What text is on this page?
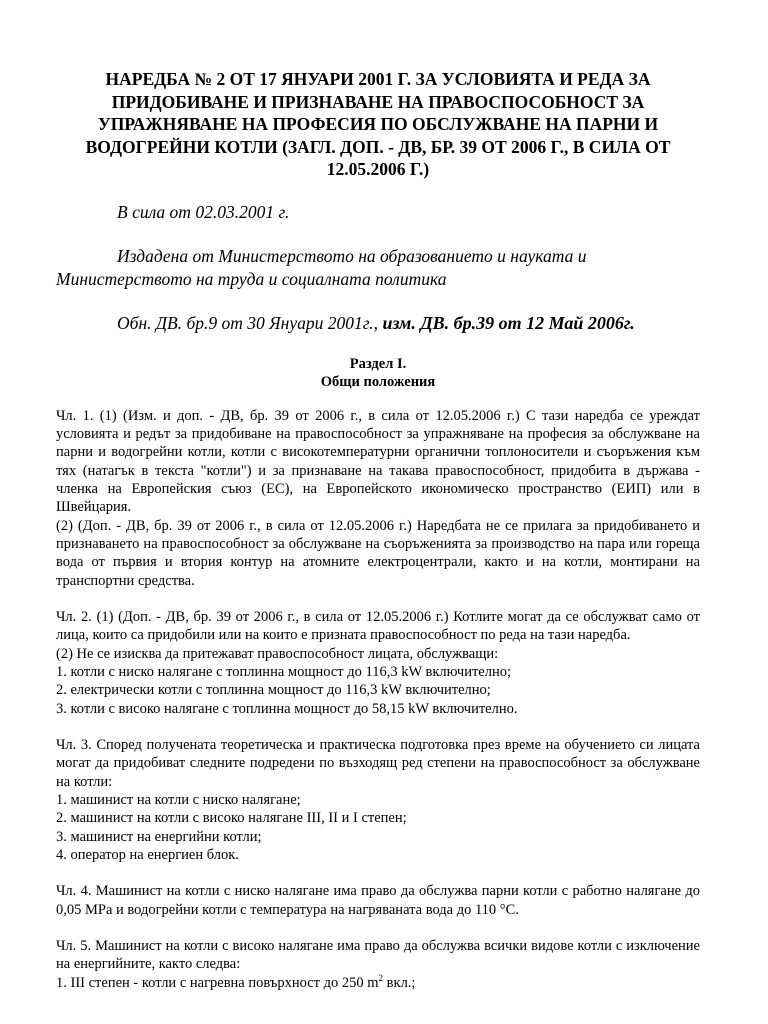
НАРЕДБА № 2 ОТ 17 ЯНУАРИ 2001 Г. ЗА УСЛОВИЯТА И РЕДА ЗА ПРИДОБИВАНЕ И ПРИЗНАВАНЕ НА ПРАВОСПОСОБНОСТ ЗА УПРАЖНЯВАНЕ НА ПРОФЕСИЯ ПО ОБСЛУЖВАНЕ НА ПАРНИ И ВОДОГРЕЙНИ КОТЛИ (ЗАГЛ. ДОП. - ДВ, БР. 39 ОТ 2006 Г., В СИЛА ОТ 12.05.2006 Г.)
В сила от 02.03.2001 г.
Издадена от Министерството на образованието и науката и Министерството на труда и социалната политика
Обн. ДВ. бр.9 от 30 Януари 2001г., изм. ДВ. бр.39 от 12 Май 2006г.
Раздел I.
Общи положения
Чл. 1. (1) (Изм. и доп. - ДВ, бр. 39 от 2006 г., в сила от 12.05.2006 г.) С тази наредба се уреждат условията и редът за придобиване на правоспособност за упражняване на професия за обслужване на парни и водогрейни котли, котли с високотемпературни органични топлоносители и съоръжения към тях (натагък в текста "котли") и за признаване на такава правоспособност, придобита в държава - членка на Европейския съюз (ЕС), на Европейското икономическо пространство (ЕИП) или в Швейцария.
(2) (Доп. - ДВ, бр. 39 от 2006 г., в сила от 12.05.2006 г.) Наредбата не се прилага за придобиването и признаването на правоспособност за обслужване на съоръженията за производство на пара или гореща вода от първия и втория контур на атомните електроцентрали, както и на котли, монтирани на транспортни средства.
Чл. 2. (1) (Доп. - ДВ, бр. 39 от 2006 г., в сила от 12.05.2006 г.) Котлите могат да се обслужват само от лица, които са придобили или на които е призната правоспособност по реда на тази наредба.
(2) Не се изисква да притежават правоспособност лицата, обслужващи:
1. котли с ниско налягане с топлинна мощност до 116,3 kW включително;
2. електрически котли с топлинна мощност до 116,3 kW включително;
3. котли с високо налягане с топлинна мощност до 58,15 kW включително.
Чл. 3. Според получената теоретическа и практическа подготовка през време на обучението си лицата могат да придобиват следните подредени по възходящ ред степени на правоспособност за обслужване на котли:
1. машинист на котли с ниско налягане;
2. машинист на котли с високо налягане III, II и I степен;
3. машинист на енергийни котли;
4. оператор на енергиен блок.
Чл. 4. Машинист на котли с ниско налягане има право да обслужва парни котли с работно налягане до 0,05 MPa и водогрейни котли с температура на нагряваната вода до 110 °С.
Чл. 5. Машинист на котли с високо налягане има право да обслужва всички видове котли с изключение на енергийните, както следва:
1. III степен - котли с нагревна повърхност до 250 $m^2$ вкл.;
